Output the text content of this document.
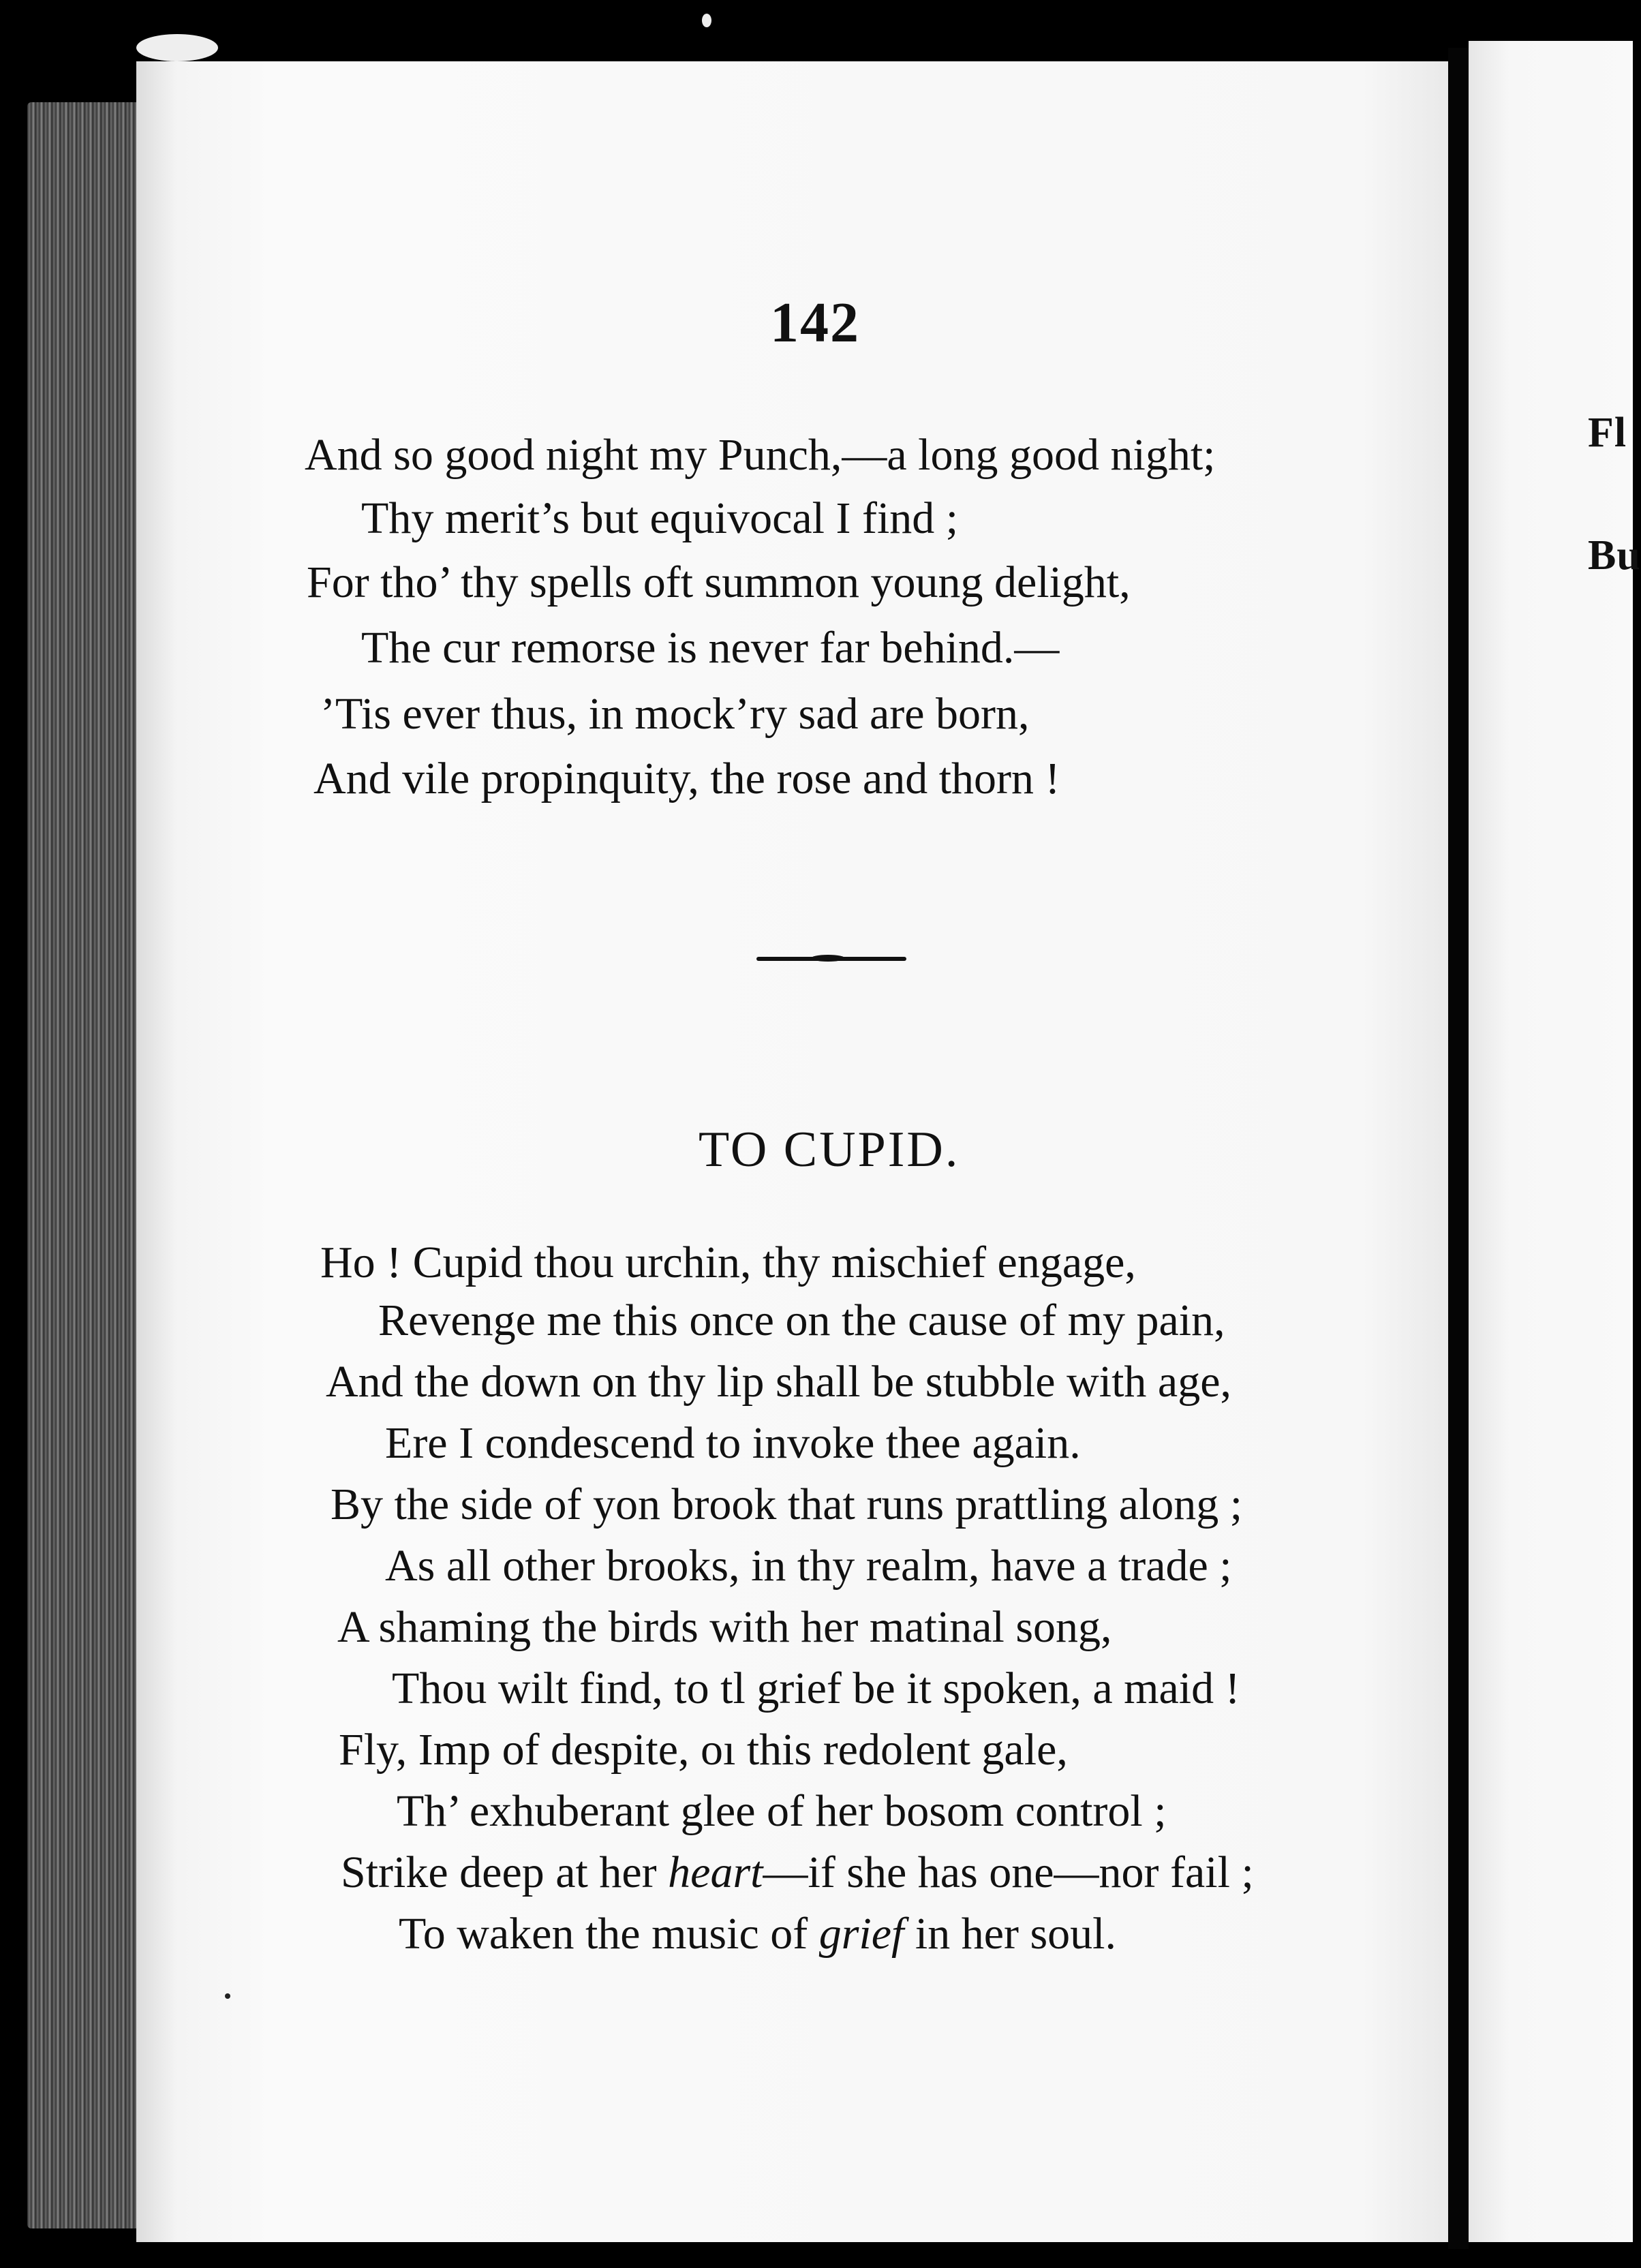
Fl
Bu
142
And so good night my Punch,—a long good night;
Thy merit’s but equivocal I find ;
For tho’ thy spells oft summon young delight,
The cur remorse is never far behind.—
’Tis ever thus, in mock’ry sad are born,
And vile propinquity, the rose and thorn !
TO CUPID.
Ho ! Cupid thou urchin, thy mischief engage,
Revenge me this once on the cause of my pain,
And the down on thy lip shall be stubble with age,
Ere I condescend to invoke thee again.
By the side of yon brook that runs prattling along ;
As all other brooks, in thy realm, have a trade ;
A shaming the birds with her matinal song,
Thou wilt find, to tl grief be it spoken, a maid !
Fly, Imp of despite, oı this redolent gale,
Th’ exhuberant glee of her bosom control ;
Strike deep at her heart—if she has one—nor fail ;
To waken the music of grief in her soul.
